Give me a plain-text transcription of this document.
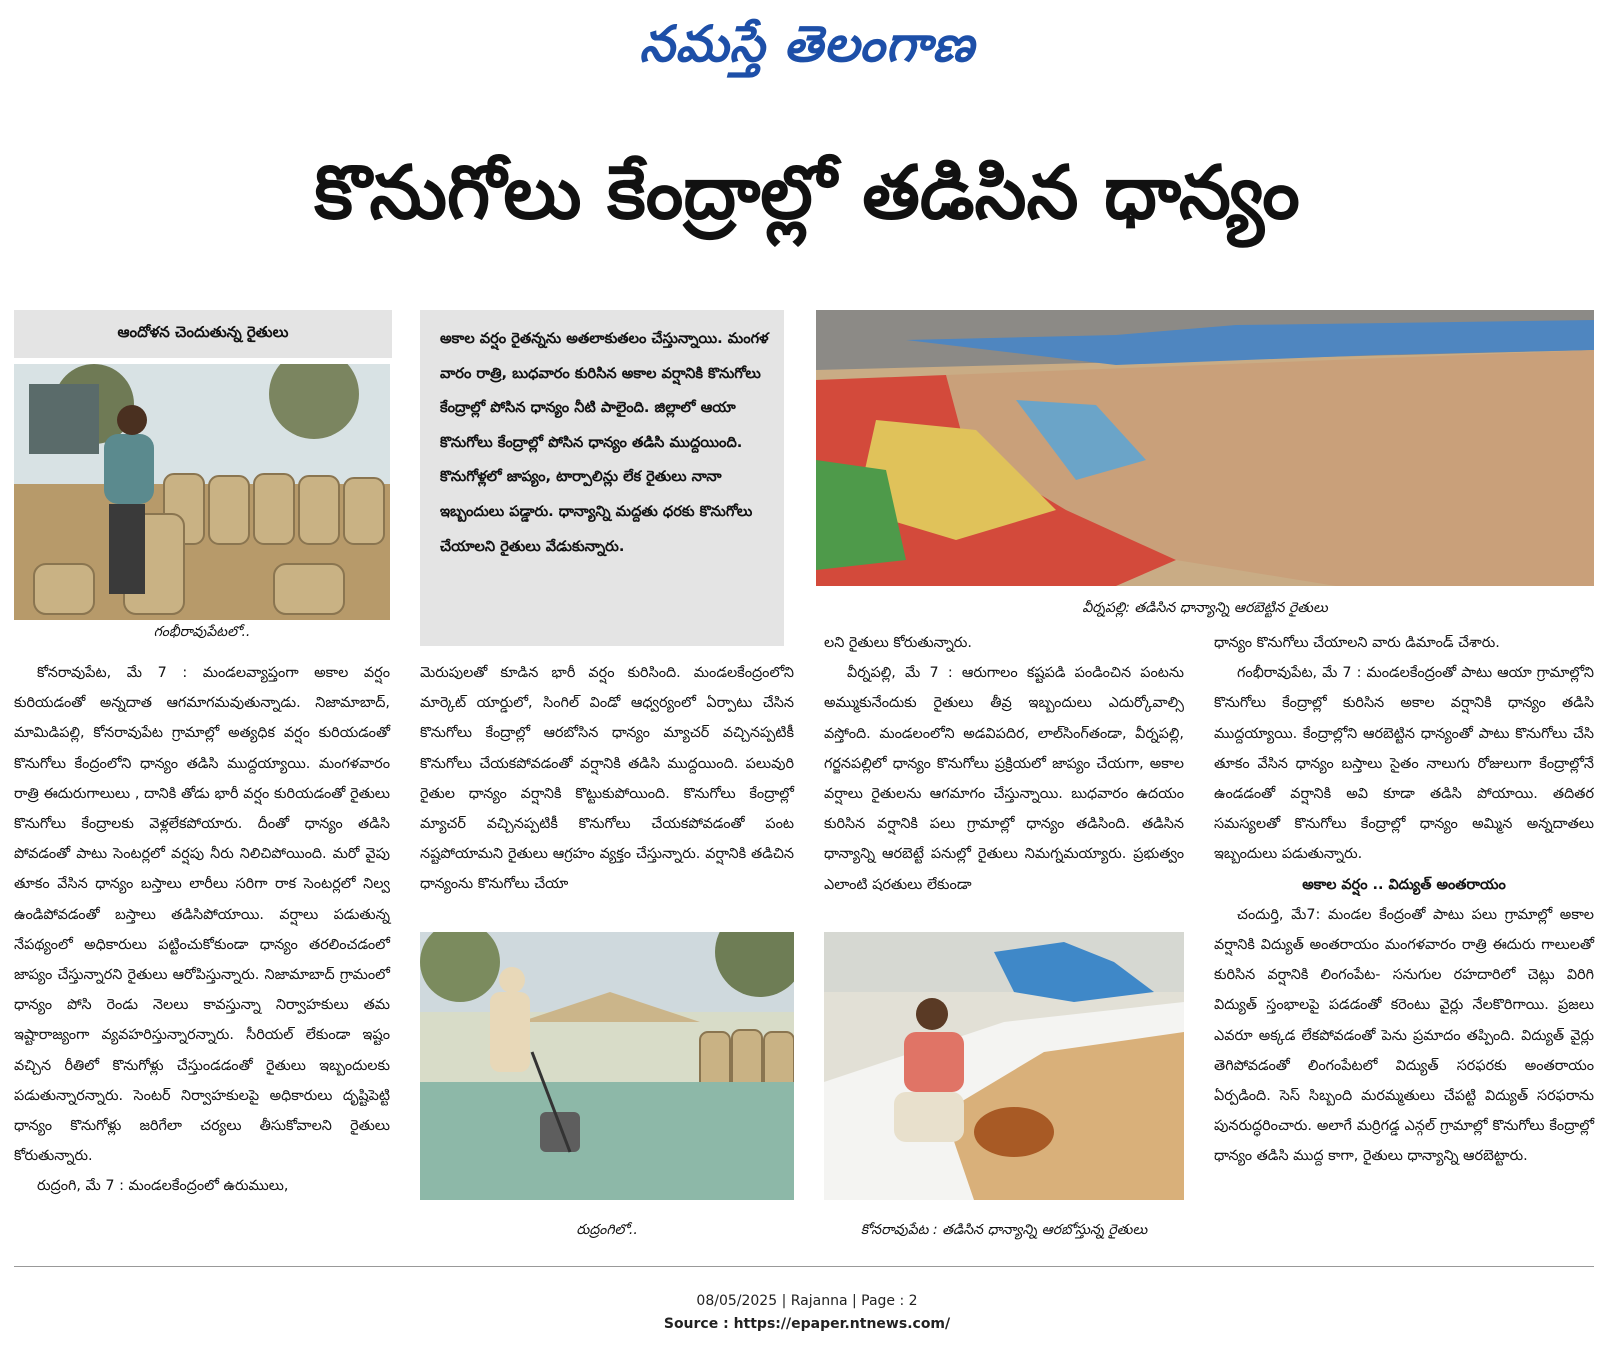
నమస్తే తెలంగాణ
కొనుగోలు కేంద్రాల్లో తడిసిన ధాన్యం
ఆందోళన చెందుతున్న రైతులు
గంభీరావుపేటలో..
అకాల వర్షం రైతన్నను అతలాకుతలం చేస్తున్నాయి. మంగళ వారం రాత్రి, బుధవారం కురిసిన అకాల వర్షానికి కొనుగోలు కేంద్రాల్లో పోసిన ధాన్యం నీటి పాలైంది. జిల్లాలో ఆయా కొనుగోలు కేంద్రాల్లో పోసిన ధాన్యం తడిసి ముద్దయింది. కొనుగోళ్లలో జాప్యం, టార్పాలిన్లు లేక రైతులు నానా ఇబ్బందులు పడ్డారు. ధాన్యాన్ని మద్దతు ధరకు కొనుగోలు చేయాలని రైతులు వేడుకున్నారు.
వీర్నపల్లి: తడిసిన ధాన్యాన్ని ఆరబెట్టిన రైతులు
రుద్రంగిలో..	కోనరావుపేట : తడిసిన ధాన్యాన్ని ఆరబోస్తున్న రైతులు

కోనరావుపేట, మే 7 : మండలవ్యాప్తంగా అకాల వర్షం కురియడంతో అన్నదాత ఆగమాగమవుతున్నాడు. నిజామాబాద్, మామిడిపల్లి, కోనరావుపేట గ్రామాల్లో అత్యధిక వర్షం కురియడంతో కొనుగోలు కేంద్రంలోని ధాన్యం తడిసి ముద్దయ్యాయి. మంగళవారం రాత్రి ఈదురుగాలులు , దానికి తోడు భారీ వర్షం కురియడంతో రైతులు కొనుగోలు కేంద్రాలకు వెళ్లలేకపోయారు. దీంతో ధాన్యం తడిసి పోవడంతో పాటు సెంటర్లలో వర్షపు నీరు నిలిచిపోయింది. మరో వైపు తూకం వేసిన ధాన్యం బస్తాలు లారీలు సరిగా రాక సెంటర్లలో నిల్వ ఉండిపోవడంతో బస్తాలు తడిసిపోయాయి. వర్షాలు పడుతున్న నేపథ్యంలో అధికారులు పట్టించుకోకుండా ధాన్యం తరలించడంలో జాప్యం చేస్తున్నారని రైతులు ఆరోపిస్తున్నారు. నిజామాబాద్ గ్రామంలో ధాన్యం పోసి రెండు నెలలు కావస్తున్నా నిర్వాహకులు తమ ఇష్టారాజ్యంగా వ్యవహరిస్తున్నారన్నారు. సీరియల్ లేకుండా ఇష్టం వచ్చిన రీతిలో కొనుగోళ్లు చేస్తుండడంతో రైతులు ఇబ్బందులకు పడుతున్నారన్నారు. సెంటర్ నిర్వాహకులపై అధికారులు దృష్టిపెట్టి ధాన్యం కొనుగోళ్లు జరిగేలా చర్యలు తీసుకోవాలని రైతులు కోరుతున్నారు.

రుద్రంగి, మే 7 : మండలకేంద్రంలో ఉరుములు,

మెరుపులతో కూడిన భారీ వర్షం కురిసింది. మండలకేంద్రంలోని మార్కెట్ యార్డులో, సింగిల్ విండో ఆధ్వర్యంలో ఏర్పాటు చేసిన కొనుగోలు కేంద్రాల్లో ఆరబోసిన ధాన్యం మ్యాచర్ వచ్చినప్పటికీ కొనుగోలు చేయకపోవడంతో వర్షానికి తడిసి ముద్దయింది. పలువురి రైతుల ధాన్యం వర్షానికి కొట్టుకుపోయింది. కొనుగోలు కేంద్రాల్లో మ్యాచర్ వచ్చినప్పటికీ కొనుగోలు చేయకపోవడంతో పంట నష్టపోయామని రైతులు ఆగ్రహం వ్యక్తం చేస్తున్నారు. వర్షానికి తడిచిన ధాన్యంను కొనుగోలు చేయా

లని రైతులు కోరుతున్నారు.

వీర్నపల్లి, మే 7 : ఆరుగాలం కష్టపడి పండించిన పంటను అమ్ముకునేందుకు రైతులు తీవ్ర ఇబ్బందులు ఎదుర్కోవాల్సి వస్తోంది. మండలంలోని అడవిపదిర, లాల్‌సింగ్‌తండా, వీర్నపల్లి, గర్జనపల్లిలో ధాన్యం కొనుగోలు ప్రక్రియలో జాప్యం చేయగా, అకాల వర్షాలు రైతులను ఆగమాగం చేస్తున్నాయి. బుధవారం ఉదయం కురిసిన వర్షానికి పలు గ్రామాల్లో ధాన్యం తడిసింది. తడిసిన ధాన్యాన్ని ఆరబెట్టే పనుల్లో రైతులు నిమగ్నమయ్యారు. ప్రభుత్వం ఎలాంటి షరతులు లేకుండా

ధాన్యం కొనుగోలు చేయాలని వారు డిమాండ్ చేశారు.

గంభీరావుపేట, మే 7 : మండలకేంద్రంతో పాటు ఆయా గ్రామాల్లోని కొనుగోలు కేంద్రాల్లో కురిసిన అకాల వర్షానికి ధాన్యం తడిసి ముద్దయ్యాయి. కేంద్రాల్లోని ఆరబెట్టిన ధాన్యంతో పాటు కొనుగోలు చేసి తూకం వేసిన ధాన్యం బస్తాలు సైతం నాలుగు రోజులుగా కేంద్రాల్లోనే ఉండడంతో వర్షానికి అవి కూడా తడిసి పోయాయి. తదితర సమస్యలతో కొనుగోలు కేంద్రాల్లో ధాన్యం అమ్మిన అన్నదాతలు ఇబ్బందులు పడుతున్నారు.

అకాల వర్షం .. విద్యుత్ అంతరాయం

చందుర్తి, మే7: మండల కేంద్రంతో పాటు పలు గ్రామాల్లో అకాల వర్షానికి విద్యుత్ అంతరాయం మంగళవారం రాత్రి ఈదురు గాలులతో కురిసిన వర్షానికి లింగంపేట- సనుగుల రహదారిలో చెట్లు విరిగి విద్యుత్ స్తంభాలపై పడడంతో కరెంటు వైర్లు నేలకొరిగాయి. ప్రజలు ఎవరూ అక్కడ లేకపోవడంతో పెను ప్రమాదం తప్పింది. విద్యుత్ వైర్లు తెగిపోవడంతో లింగంపేటలో విద్యుత్ సరఫరకు అంతరాయం ఏర్పడింది. సెస్ సిబ్బంది మరమ్మతులు చేపట్టి విద్యుత్ సరఫరాను పునరుద్ధరించారు. అలాగే మర్రిగడ్డ ఎన్గల్ గ్రామాల్లో కొనుగోలు కేంద్రాల్లో ధాన్యం తడిసి ముద్ద కాగా, రైతులు ధాన్యాన్ని ఆరబెట్టారు.

08/05/2025 | Rajanna | Page : 2
Source : https://epaper.ntnews.com/
